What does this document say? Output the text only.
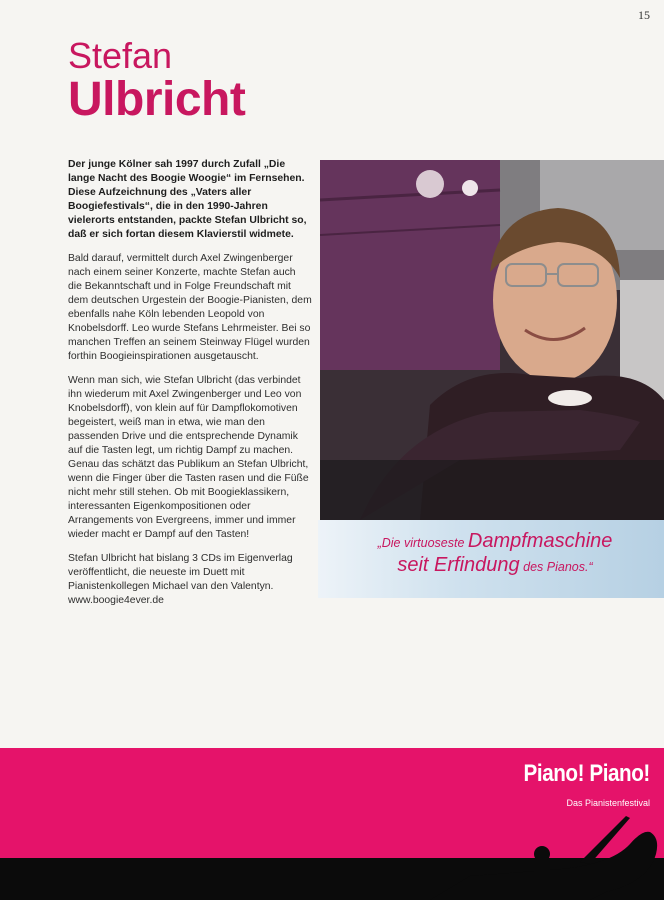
15
Stefan
Ulbricht

Der junge Kölner sah 1997 durch Zufall „Die lange Nacht des Boogie Woogie“ im Fernsehen. Diese Aufzeichnung des „Vaters aller Boogiefestivals“, die in den 1990-Jahren vielerorts entstanden, packte Stefan Ulbricht so, daß er sich fortan diesem Klavierstil widmete.

Bald darauf, vermittelt durch Axel Zwingenberger nach einem seiner Konzerte, machte Stefan auch die Bekanntschaft und in Folge Freundschaft mit dem deutschen Urgestein der Boogie-Pianisten, dem ebenfalls nahe Köln lebenden Leopold von Knobelsdorff. Leo wurde Stefans Lehrmeister. Bei so manchen Treffen an seinem Steinway Flügel wurden forthin Boogieinspirationen ausgetauscht.

Wenn man sich, wie Stefan Ulbricht (das verbindet ihn wiederum mit Axel Zwingenberger und Leo von Knobelsdorff), von klein auf für Dampflokomotiven begeistert, weiß man in etwa, wie man den passenden Drive und die entsprechende Dynamik auf die Tasten legt, um richtig Dampf zu machen. Genau das schätzt das Publikum an Stefan Ulbricht, wenn die Finger über die Tasten rasen und die Füße nicht mehr still stehen. Ob mit Boogieklassikern, interessanten Eigenkompositionen oder Arrangements von Evergreens, immer und immer wieder macht er Dampf auf den Tasten!

Stefan Ulbricht hat bislang 3 CDs im Eigenverlag veröffentlicht, die neueste im Duett mit Pianistenkollegen Michael van den Valentyn.

www.boogie4ever.de
„Die virtuoseste Dampfmaschine
seit Erfindung des Pianos.“
Piano! Piano!
Das Pianistenfestival
